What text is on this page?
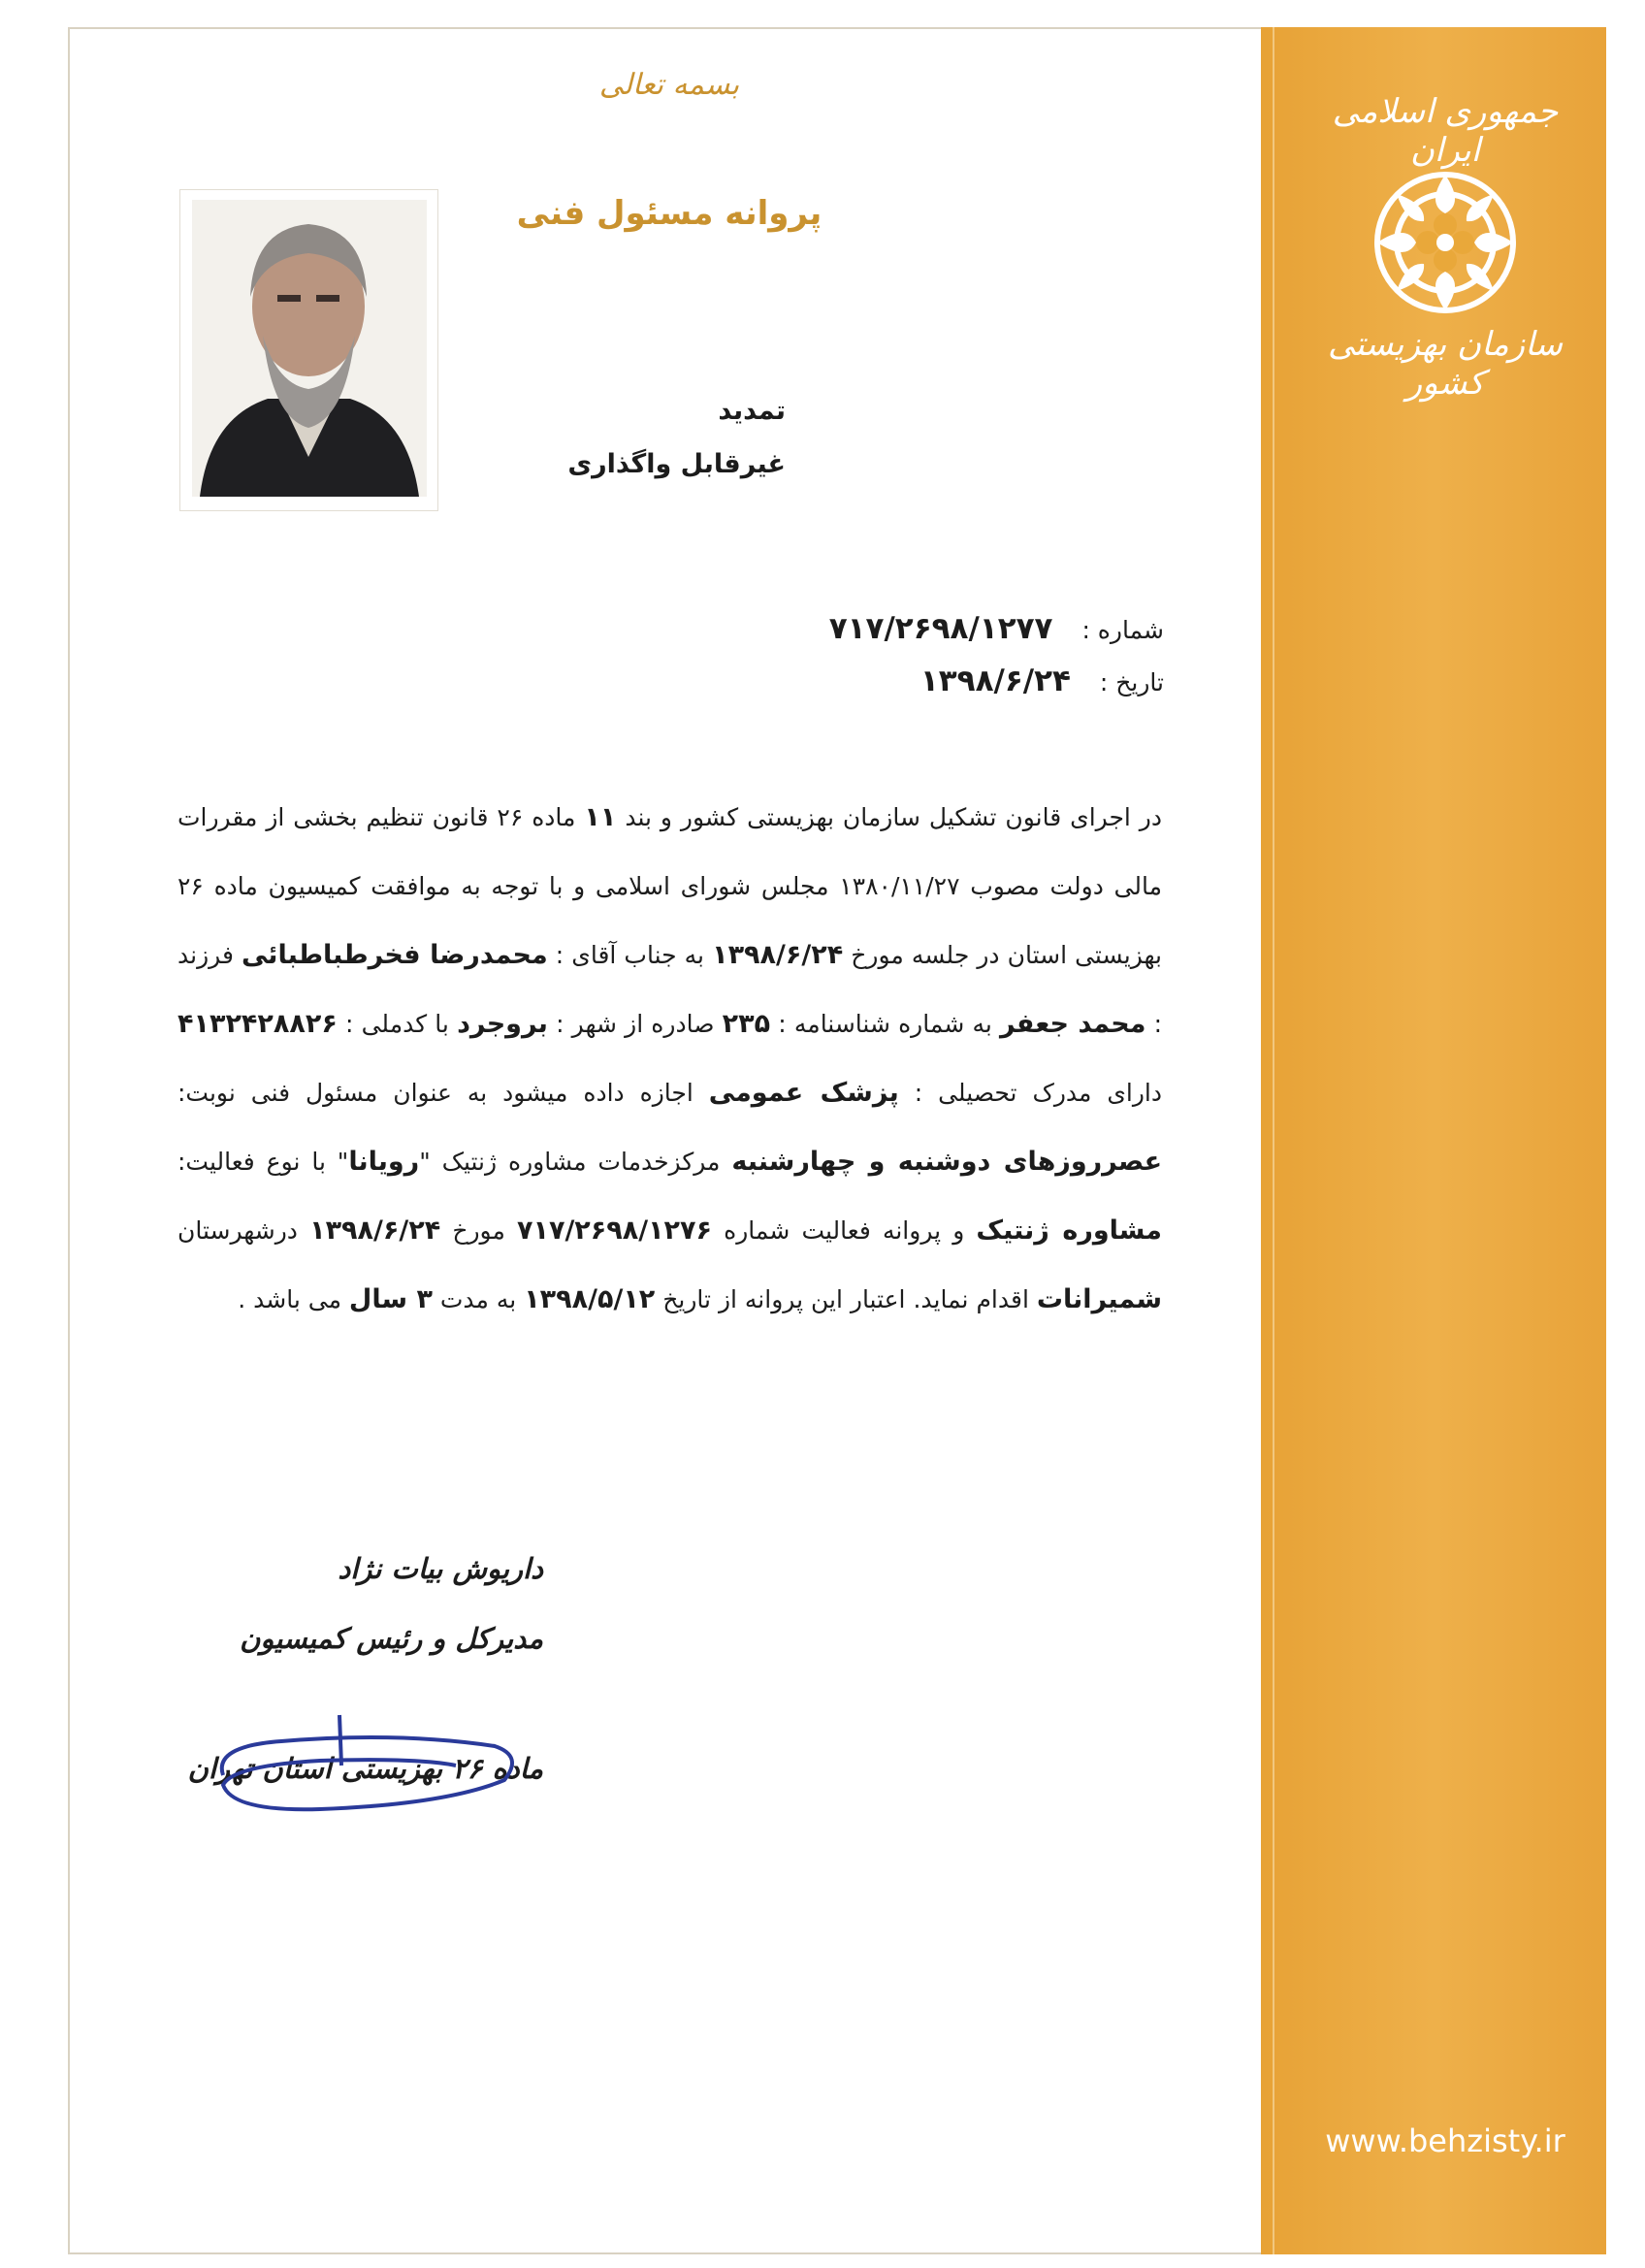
جمهوری اسلامی ایران
سازمان بهزیستی کشور
www.behzisty.ir
بسمه تعالی
پروانه مسئول فنی
تمدید
غیرقابل واگذاری
شماره : ۷۱۷/۲۶۹۸/۱۲۷۷
تاریخ : ۱۳۹۸/۶/۲۴
در اجرای قانون تشکیل سازمان بهزیستی کشور و بند ۱۱ ماده ۲۶ قانون تنظیم بخشی از مقررات مالی دولت مصوب ۱۳۸۰/۱۱/۲۷ مجلس شورای اسلامی و با توجه به موافقت کمیسیون ماده ۲۶ بهزیستی استان در جلسه مورخ ۱۳۹۸/۶/۲۴ به جناب آقای : محمدرضا فخرطباطبائی فرزند : محمد جعفر به شماره شناسنامه : ۲۳۵ صادره از شهر : بروجرد با کدملی : ۴۱۳۲۴۲۸۸۲۶ دارای مدرک تحصیلی : پزشک عمومی اجازه داده میشود به عنوان مسئول فنی نوبت: عصرروزهای دوشنبه و چهارشنبه مرکزخدمات مشاوره ژنتیک "رویانا" با نوع فعالیت: مشاوره ژنتیک و پروانه فعالیت شماره ۷۱۷/۲۶۹۸/۱۲۷۶ مورخ ۱۳۹۸/۶/۲۴ درشهرستان شمیرانات اقدام نماید. اعتبار این پروانه از تاریخ ۱۳۹۸/۵/۱۲ به مدت ۳ سال می باشد .
داریوش بیات نژاد
مدیرکل و رئیس کمیسیون
ماده ۲۶ بهزیستی استان تهران
